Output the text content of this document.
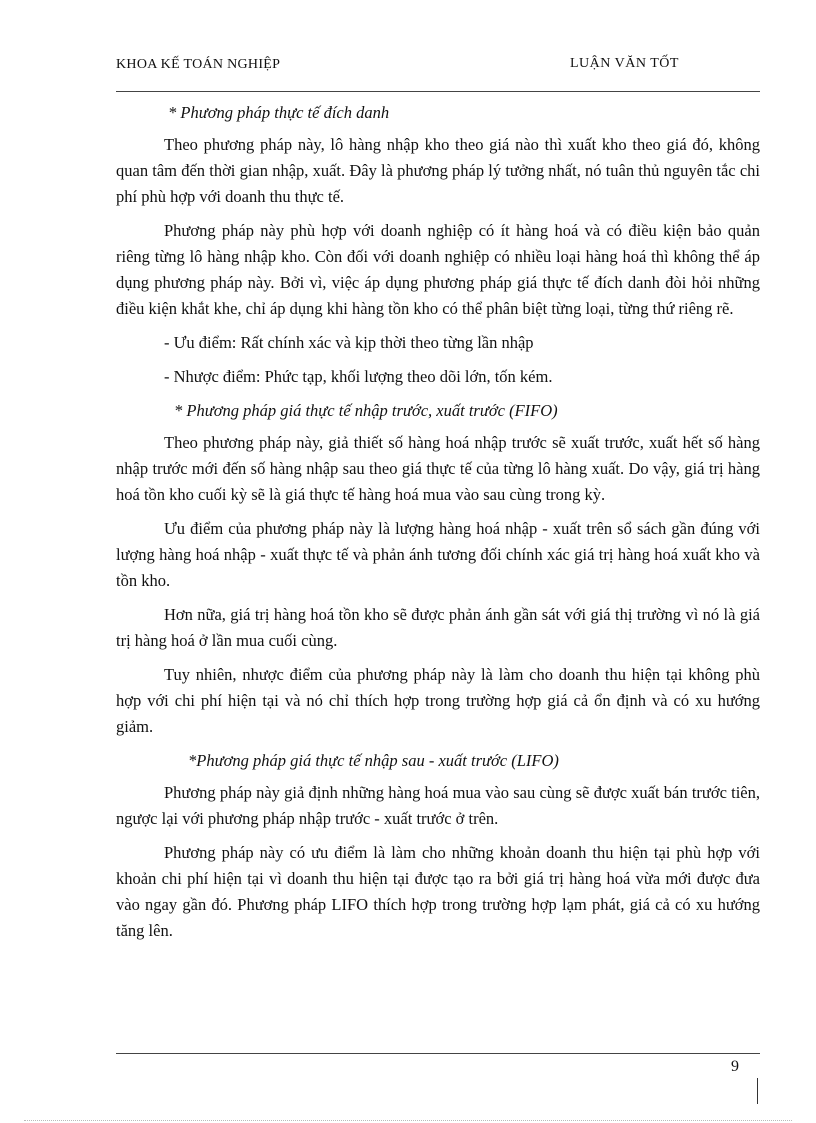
KHOA KẾ TOÁN NGHIỆP	LUẬN VĂN TỐT

* Phương pháp thực tế đích danh

Theo phương pháp này, lô hàng nhập kho theo giá nào thì xuất kho theo giá đó, không quan tâm đến thời gian nhập, xuất. Đây là phương pháp lý tưởng nhất, nó tuân thủ nguyên tắc chi phí phù hợp với doanh thu thực tế.

Phương pháp này phù hợp với doanh nghiệp có ít hàng hoá và có điều kiện bảo quản riêng từng lô hàng nhập kho. Còn đối với doanh nghiệp có nhiều loại hàng hoá thì không thể áp dụng phương pháp này. Bởi vì, việc áp dụng phương pháp giá thực tế đích danh đòi hỏi những điều kiện khắt khe, chỉ áp dụng khi hàng tồn kho có thể phân biệt từng loại, từng thứ riêng rẽ.

- Ưu điểm: Rất chính xác và kịp thời theo từng lần nhập

- Nhược điểm: Phức tạp, khối lượng theo dõi lớn, tốn kém.

* Phương pháp giá thực tế nhập trước, xuất trước (FIFO)

Theo phương pháp này, giả thiết số hàng hoá nhập trước sẽ xuất trước, xuất hết số hàng nhập trước mới đến số hàng nhập sau theo giá thực tế của từng lô hàng xuất. Do vậy, giá trị hàng hoá tồn kho cuối kỳ sẽ là giá thực tế hàng hoá mua vào sau cùng trong kỳ.

Ưu điểm của phương pháp này là lượng hàng hoá nhập - xuất trên sổ sách gần đúng với lượng hàng hoá nhập - xuất thực tế và phản ánh tương đối chính xác giá trị hàng hoá xuất kho và tồn kho.

Hơn nữa, giá trị hàng hoá tồn kho sẽ được phản ánh gần sát với giá thị trường vì nó là giá trị hàng hoá ở lần mua cuối cùng.

Tuy nhiên, nhược điểm của phương pháp này là làm cho doanh thu hiện tại không phù hợp với chi phí hiện tại và nó chỉ thích hợp trong trường hợp giá cả ổn định và có xu hướng giảm.

*Phương pháp giá thực tế nhập sau - xuất trước (LIFO)

Phương pháp này giả định những hàng hoá mua vào sau cùng sẽ được xuất bán trước tiên, ngược lại với phương pháp nhập trước - xuất trước ở trên.

Phương pháp này có ưu điểm là làm cho những khoản doanh thu hiện tại phù hợp với khoản chi phí hiện tại vì doanh thu hiện tại được tạo ra bởi giá trị hàng hoá vừa mới được đưa vào ngay gần đó. Phương pháp LIFO thích hợp trong trường hợp lạm phát, giá cả có xu hướng tăng lên.

9
